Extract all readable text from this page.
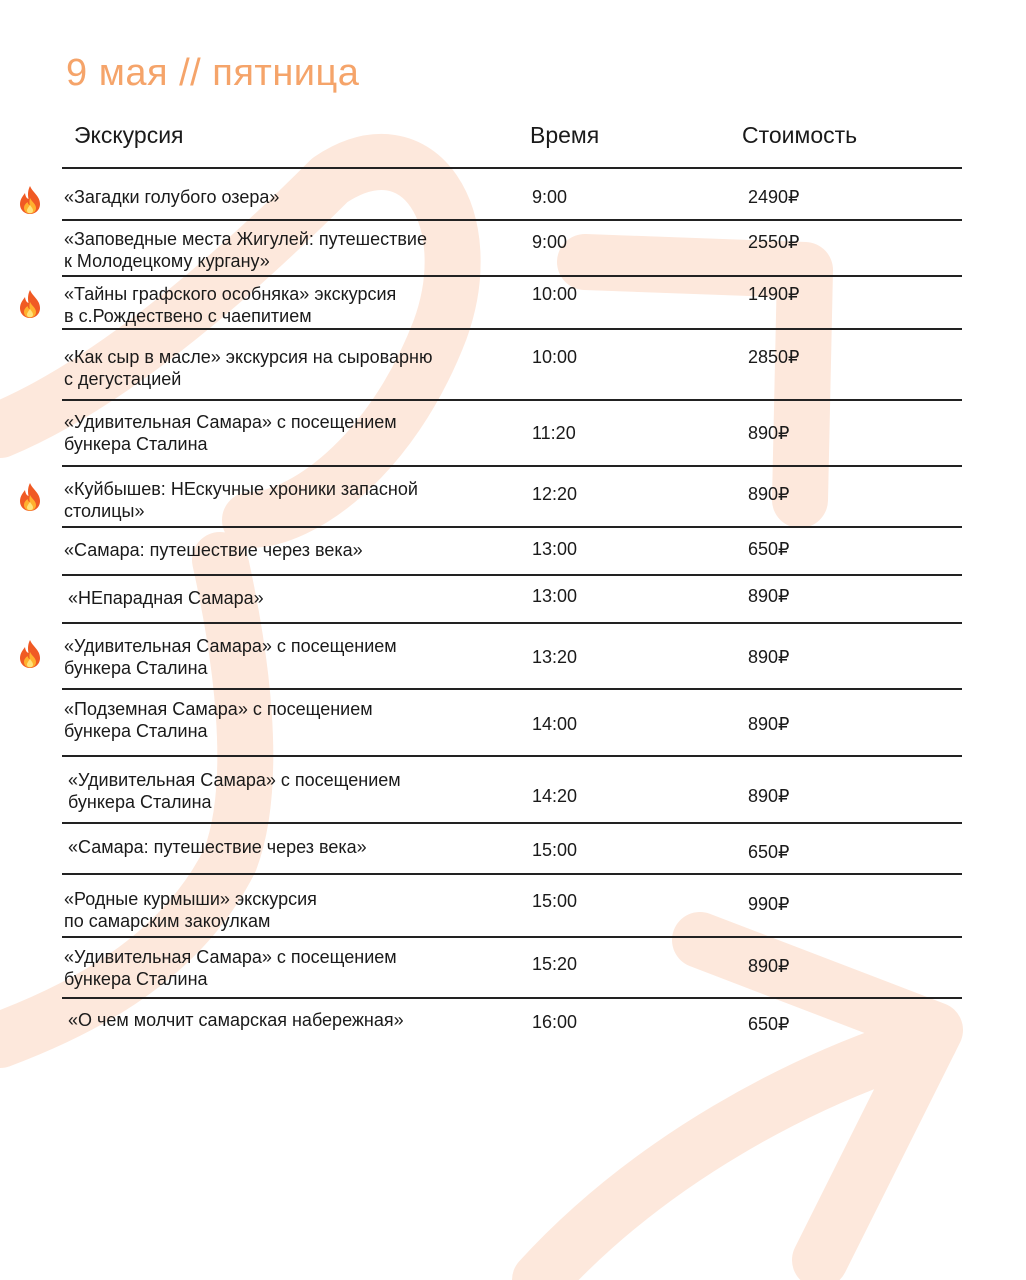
9 мая // пятница
Экскурсия	Время	Стоимость
«Загадки голубого озера»	9:00	2490₽
«Заповедные места Жигулей: путешествие
к Молодецкому кургану»
9:00	2550₽
«Тайны графского особняка» экскурсия
в с.Рождествено с чаепитием
10:00	1490₽
«Как сыр в масле» экскурсия на сыроварню
с дегустацией
10:00	2850₽
«Удивительная Самара» с посещением
бункера Сталина
11:20	890₽
«Куйбышев: НЕскучные хроники запасной
столицы»
12:20	890₽
«Самара: путешествие через века»	13:00	650₽
«НЕпарадная Самара»	13:00	890₽
«Удивительная Самара» с посещением
бункера Сталина
13:20	890₽
«Подземная Самара» с посещением
бункера Сталина	14:00	890₽
«Удивительная Самара» с посещением
бункера Сталина	14:20	890₽
«Самара: путешествие через века»	15:00	650₽
«Родные курмыши» экскурсия
по самарским закоулкам
15:00	990₽
«Удивительная Самара» с посещением
бункера Сталина
15:20	890₽
«О чем молчит самарская набережная»	16:00	650₽
